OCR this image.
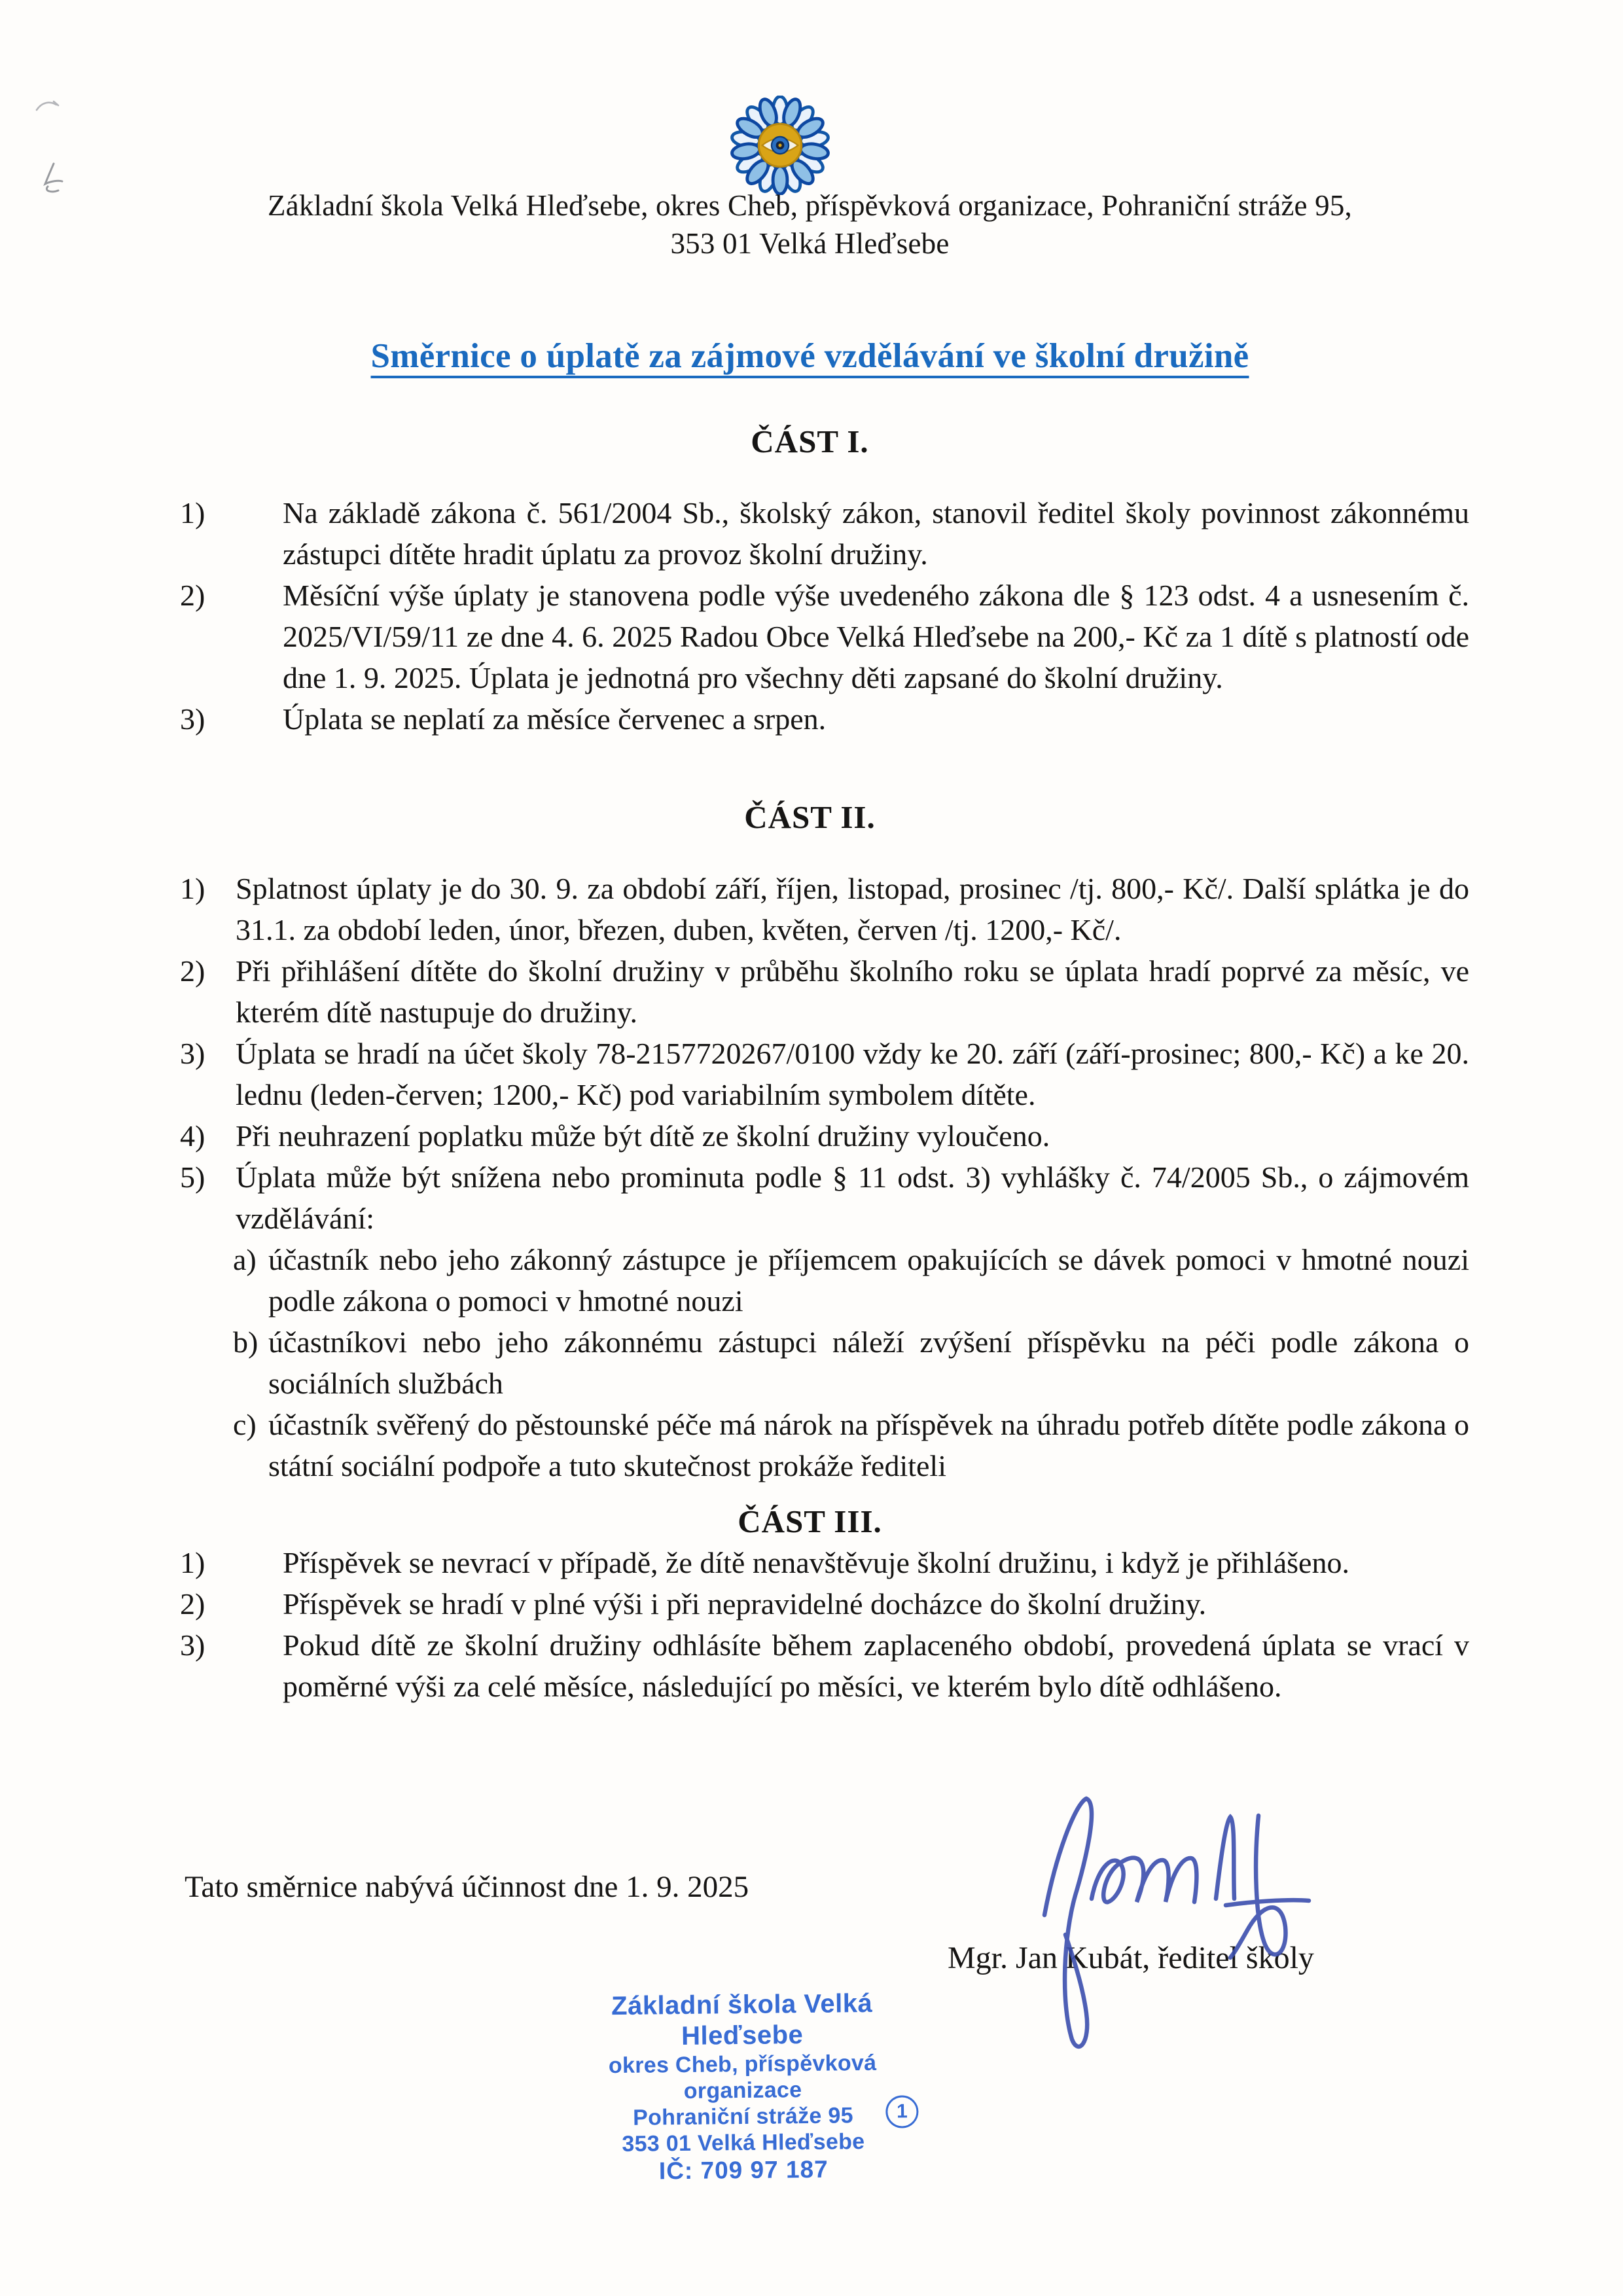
Základní škola Velká Hleďsebe, okres Cheb, příspěvková organizace, Pohraniční stráže 95,
353 01 Velká Hleďsebe
Směrnice o úplatě za zájmové vzdělávání ve školní družině
ČÁST I.
1)	Na základě zákona č. 561/2004 Sb., školský zákon, stanovil ředitel školy povinnost zákonnému zástupci dítěte hradit úplatu za provoz školní družiny.
2)	Měsíční výše úplaty je stanovena podle výše uvedeného zákona dle § 123 odst. 4 a usnesením č. 2025/VI/59/11 ze dne 4. 6. 2025 Radou Obce Velká Hleďsebe na 200,- Kč za 1 dítě s platností ode dne 1. 9. 2025. Úplata je jednotná pro všechny děti zapsané do školní družiny.
3)	Úplata se neplatí za měsíce červenec a srpen.
ČÁST II.
1) Splatnost úplaty je do 30. 9. za období září, říjen, listopad, prosinec /tj. 800,- Kč/. Další splátka je do 31.1. za období leden, únor, březen, duben, květen, červen /tj. 1200,- Kč/.
2) Při přihlášení dítěte do školní družiny v průběhu školního roku se úplata hradí poprvé za měsíc, ve kterém dítě nastupuje do družiny.
3) Úplata se hradí na účet školy 78-2157720267/0100 vždy ke 20. září (září-prosinec; 800,- Kč) a ke 20. lednu (leden-červen; 1200,- Kč) pod variabilním symbolem dítěte.
4) Při neuhrazení poplatku může být dítě ze školní družiny vyloučeno.
5) Úplata může být snížena nebo prominuta podle § 11 odst. 3) vyhlášky č. 74/2005 Sb., o zájmovém vzdělávání:
a) účastník nebo jeho zákonný zástupce je příjemcem opakujících se dávek pomoci v hmotné nouzi podle zákona o pomoci v hmotné nouzi
b) účastníkovi nebo jeho zákonnému zástupci náleží zvýšení příspěvku na péči podle zákona o sociálních službách
c) účastník svěřený do pěstounské péče má nárok na příspěvek na úhradu potřeb dítěte podle zákona o státní sociální podpoře a tuto skutečnost prokáže řediteli
ČÁST III.
1)	Příspěvek se nevrací v případě, že dítě nenavštěvuje školní družinu, i když je přihlášeno.
2)	Příspěvek se hradí v plné výši i při nepravidelné docházce do školní družiny.
3)	Pokud dítě ze školní družiny odhlásíte během zaplaceného období, provedená úplata se vrací v poměrné výši za celé měsíce, následující po měsíci, ve kterém bylo dítě odhlášeno.
Tato směrnice nabývá účinnost dne 1. 9. 2025
Mgr. Jan Kubát, ředitel školy
Základní škola Velká Hleďsebe
okres Cheb, příspěvková organizace
Pohraniční stráže 95
353 01 Velká Hleďsebe
IČ: 709 97 187
1
